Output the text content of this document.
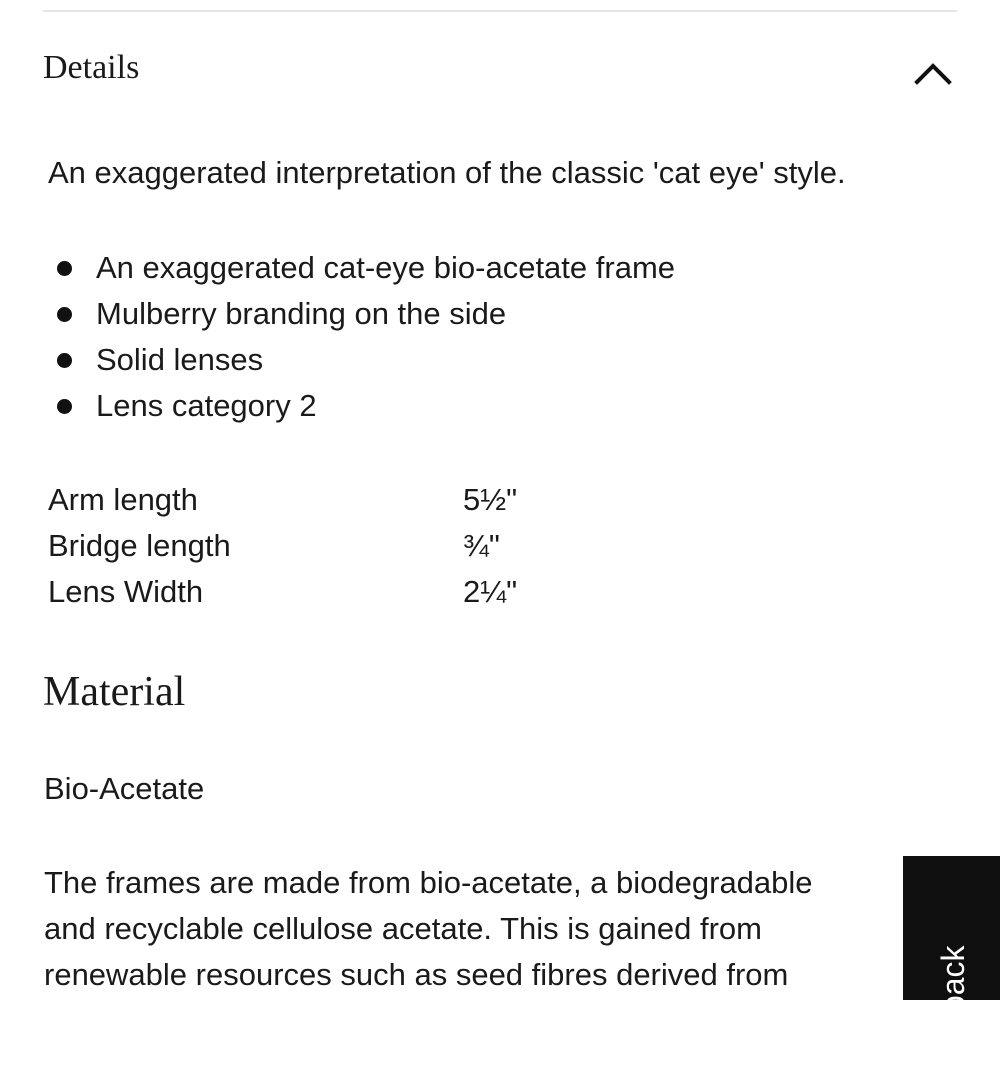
Details
An exaggerated interpretation of the classic 'cat eye' style.
An exaggerated cat-eye bio-acetate frame
Mulberry branding on the side
Solid lenses
Lens category 2
Arm length	5½"
Bridge length	¾"
Lens Width	2¼"
Material
Bio-Acetate
The frames are made from bio-acetate, a biodegradable
and recyclable cellulose acetate. This is gained from
renewable resources such as seed fibres derived from	Feedback
